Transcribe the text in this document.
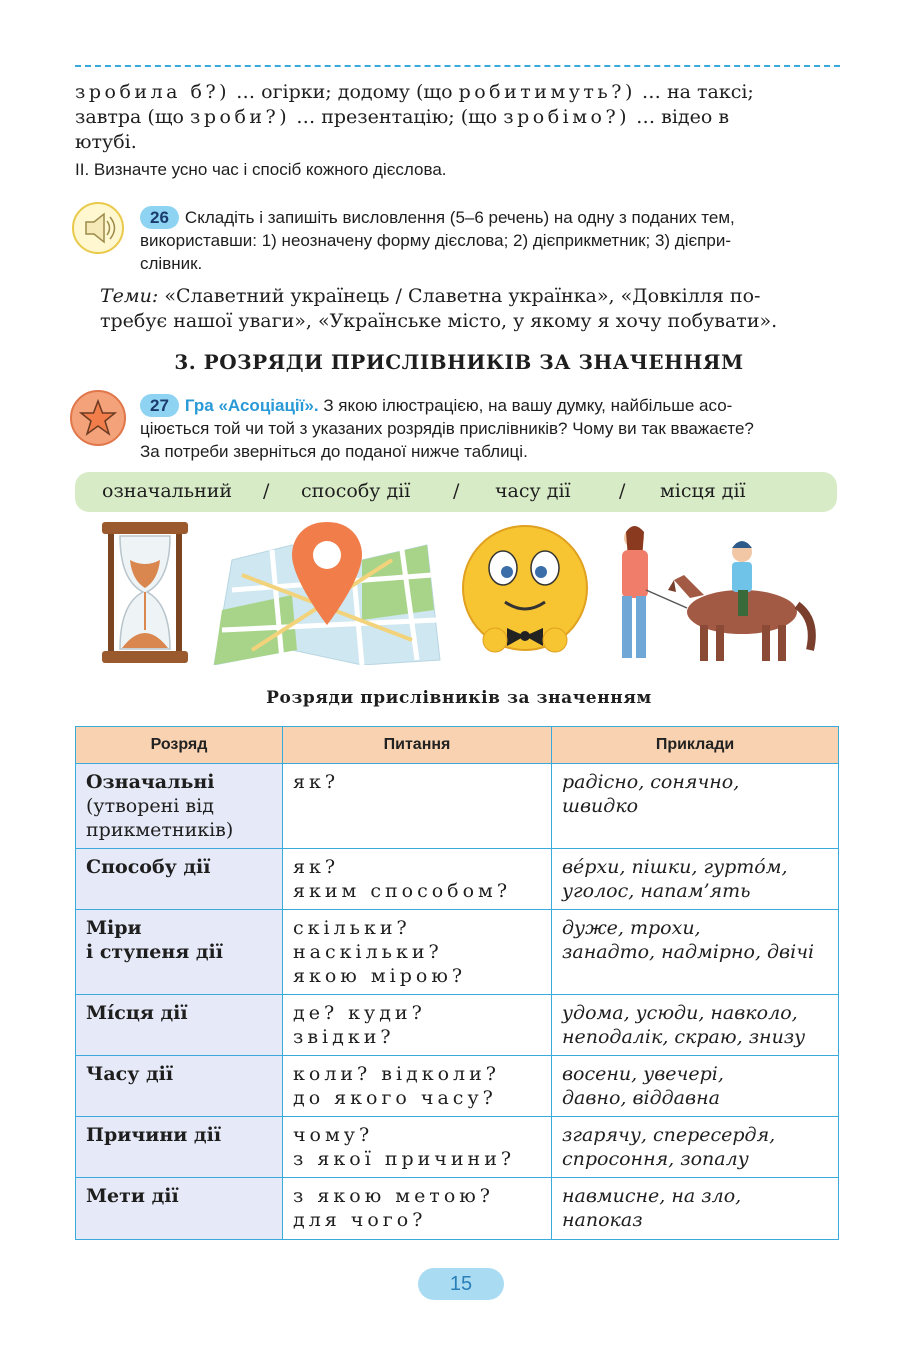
зробила б?) … огірки; додому (що робитимуть?) … на таксі;
завтра (що зроби?) … презентацію; (що зробімо?) … відео в
ютубі.
II. Визначте усно час і спосіб кожного дієслова.
26 Складіть і запишіть висловлення (5–6 речень) на одну з поданих тем,
використавши: 1) неозначену форму дієслова; 2) дієприкметник; 3) дієпри-
слівник.
Теми: «Славетний українець / Славетна українка», «Довкілля по-
требує нашої уваги», «Українське місто, у якому я хочу побувати».
3. РОЗРЯДИ ПРИСЛІВНИКІВ ЗА ЗНАЧЕННЯМ
27 Гра «Асоціації». З якою ілюстрацією, на вашу думку, найбільше асо-
ціюється той чи той з указаних розрядів прислівників? Чому ви так вважаєте?
За потреби зверніться до поданої нижче таблиці.
означальний / способу дії / часу дії	/ місця дії
Розряди прислівників за значенням
Розряд	Питання	Приклади

Означальні
(утворені від
прикметників)	як?	радісно, сонячно,
швидко

Способу дії	як?
яким способом?	вéрхи, пішки, гуртóм,
уголос, напам’ять

Міри
і ступеня дії	скільки?
наскільки?
якою мірою?	дуже, трохи,
занадто, надмірно, двічі

Мíсця дії	де? куди?
звідки?	удома, усюди, навколо,
неподалік, скраю, знизу

Часу дії	коли? відколи?
до якого часу?	восени, увечері,
давно, віддавна

Причини дії	чому?
з якої причини?	згарячу, спересердя,
спросоння, зопалу

Мети дії	з якою метою?
для чого?	навмисне, на зло,
напоказ
15
